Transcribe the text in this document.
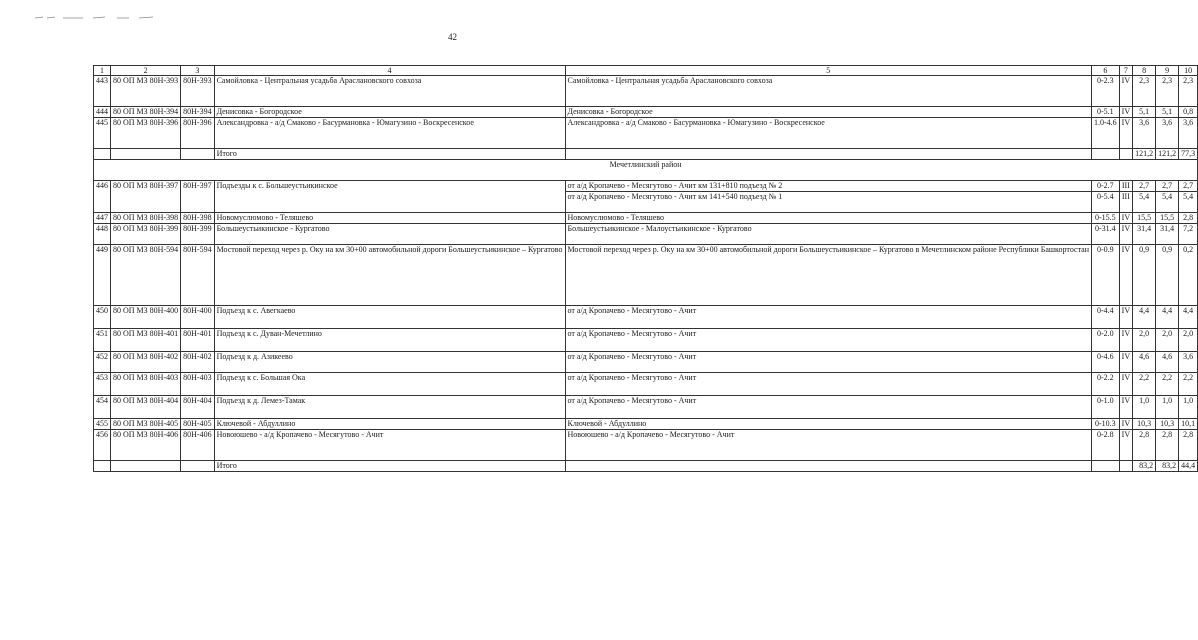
42
1	2	3	4	5	6	7	8	9	10
443	80 ОП МЗ 80Н-393	80Н-393	Самойловка - Центральная усадьба Араслановского совхоза	Самойловка - Центральная усадьба Араслановского совхоза	0-2.3	IV	2,3	2,3	2,3
444	80 ОП МЗ 80Н-394	80Н-394	Денисовка - Богородское	Денисовка - Богородское	0-5.1	IV	5,1	5,1	0,8
445	80 ОП МЗ 80Н-396	80Н-396	Александровка - а/д Смаково - Басурмановка - Юмагузино - Воскресенское	Александровка - а/д Смаково - Басурмановка - Юмагузино - Воскресенское	1.0-4.6	IV	3,6	3,6	3,6
			Итого				121,2	121,2	77,3
Мечетлинский район									
446	80 ОП МЗ 80Н-397	80Н-397	Подъезды к с. Большеустьикинское	от а/д Кропачево - Месягутово - Ачит км 131+810 подъезд № 2	0-2.7	III	2,7	2,7	2,7
				от а/д Кропачево - Месягутово - Ачит км 141+540 подъезд № 1	0-5.4	III	5,4	5,4	5,4
447	80 ОП МЗ 80Н-398	80Н-398	Новомуслюмово - Теляшево	Новомуслюмово - Теляшево	0-15.5	IV	15,5	15,5	2,8
448	80 ОП МЗ 80Н-399	80Н-399	Большеустьикинское - Кургатово	Большеустьикинское - Малоустьикинское - Кургатово	0-31.4	IV	31,4	31,4	7,2
449	80 ОП МЗ 80Н-594	80Н-594	Мостовой переход через р. Оку на км 30+00 автомобильной дороги Большеустьикинское – Кургатово	Мостовой переход через р. Оку на км 30+00 автомобильной дороги Большеустьикинское – Кургатово в Мечетлинском районе Республики Башкортостан	0-0.9	IV	0,9	0,9	0,2
450	80 ОП МЗ 80Н-400	80Н-400	Подъезд к с. Авегкаево	от а/д Кропачево - Месягутово - Ачит	0-4.4	IV	4,4	4,4	4,4
451	80 ОП МЗ 80Н-401	80Н-401	Подъезд к с. Дуван-Мечетлино	от а/д Кропачево - Месягутово - Ачит	0-2.0	IV	2,0	2,0	2,0
452	80 ОП МЗ 80Н-402	80Н-402	Подъезд к д. Азикеево	от а/д Кропачево - Месягутово - Ачит	0-4.6	IV	4,6	4,6	3,6
453	80 ОП МЗ 80Н-403	80Н-403	Подъезд к с. Большая Ока	от а/д Кропачево - Месягутово - Ачит	0-2.2	IV	2,2	2,2	2,2
454	80 ОП МЗ 80Н-404	80Н-404	Подъезд к д. Лемез-Тамак	от а/д Кропачево - Месягутово - Ачит	0-1.0	IV	1,0	1,0	1,0
455	80 ОП МЗ 80Н-405	80Н-405	Ключевой - Абдуллино	Ключевой - Абдуллино	0-10.3	IV	10,3	10,3	10,1
456	80 ОП МЗ 80Н-406	80Н-406	Новоюшево - а/д Кропачево - Месягутово - Ачит	Новоюшево - а/д Кропачево - Месягутово - Ачит	0-2.8	IV	2,8	2,8	2,8
			Итого				83,2	83,2	44,4
